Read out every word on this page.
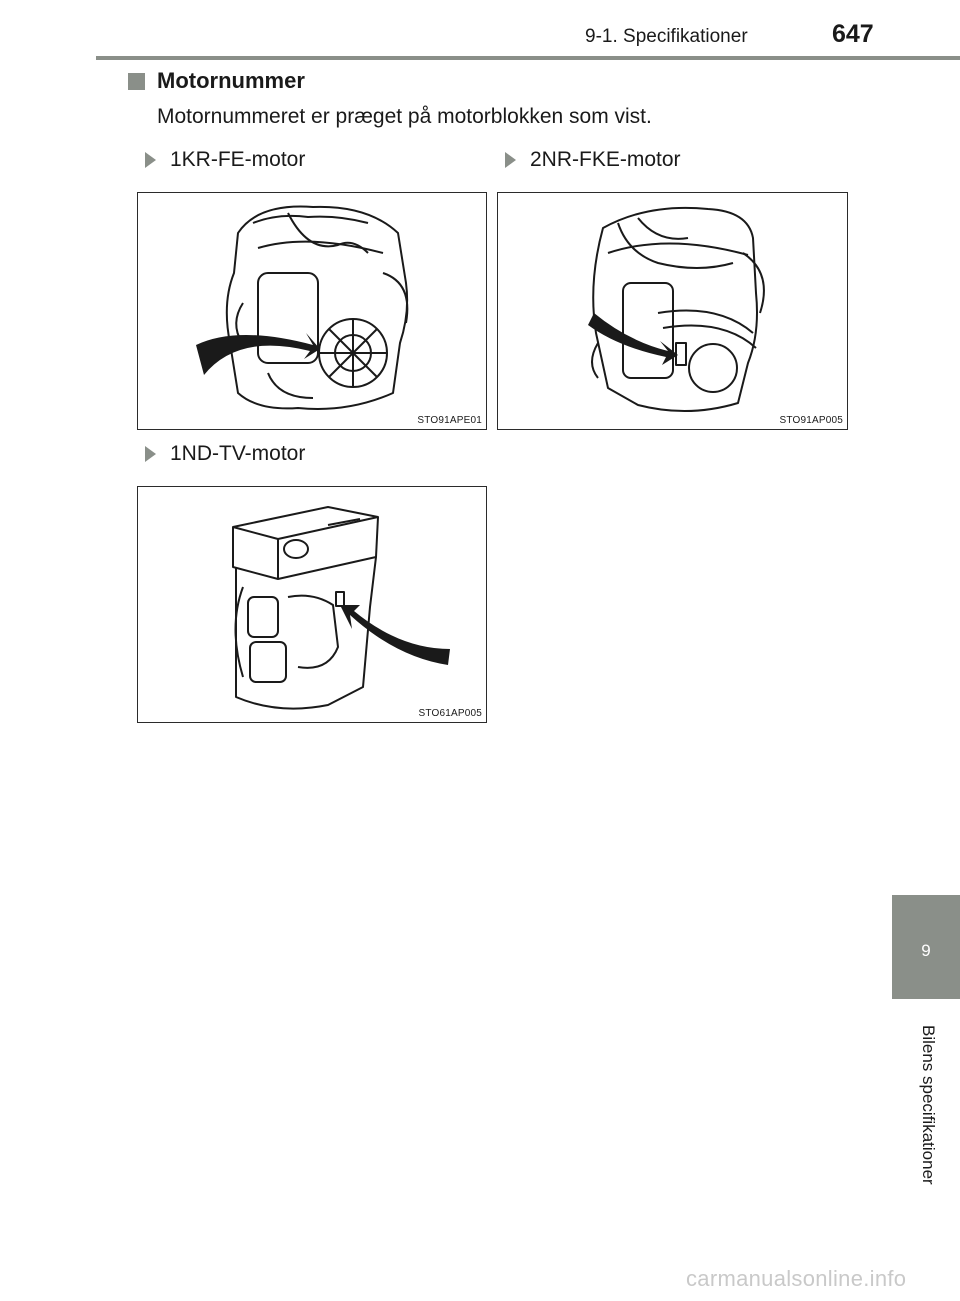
9-1. Specifikationer	647
Motornummer
Motornummeret er præget på motorblokken som vist.
1KR-FE-motor
STO91APE01
2NR-FKE-motor
STO91AP005
1ND-TV-motor
STO61AP005
9
Bilens specifikationer
carmanualsonline.info
